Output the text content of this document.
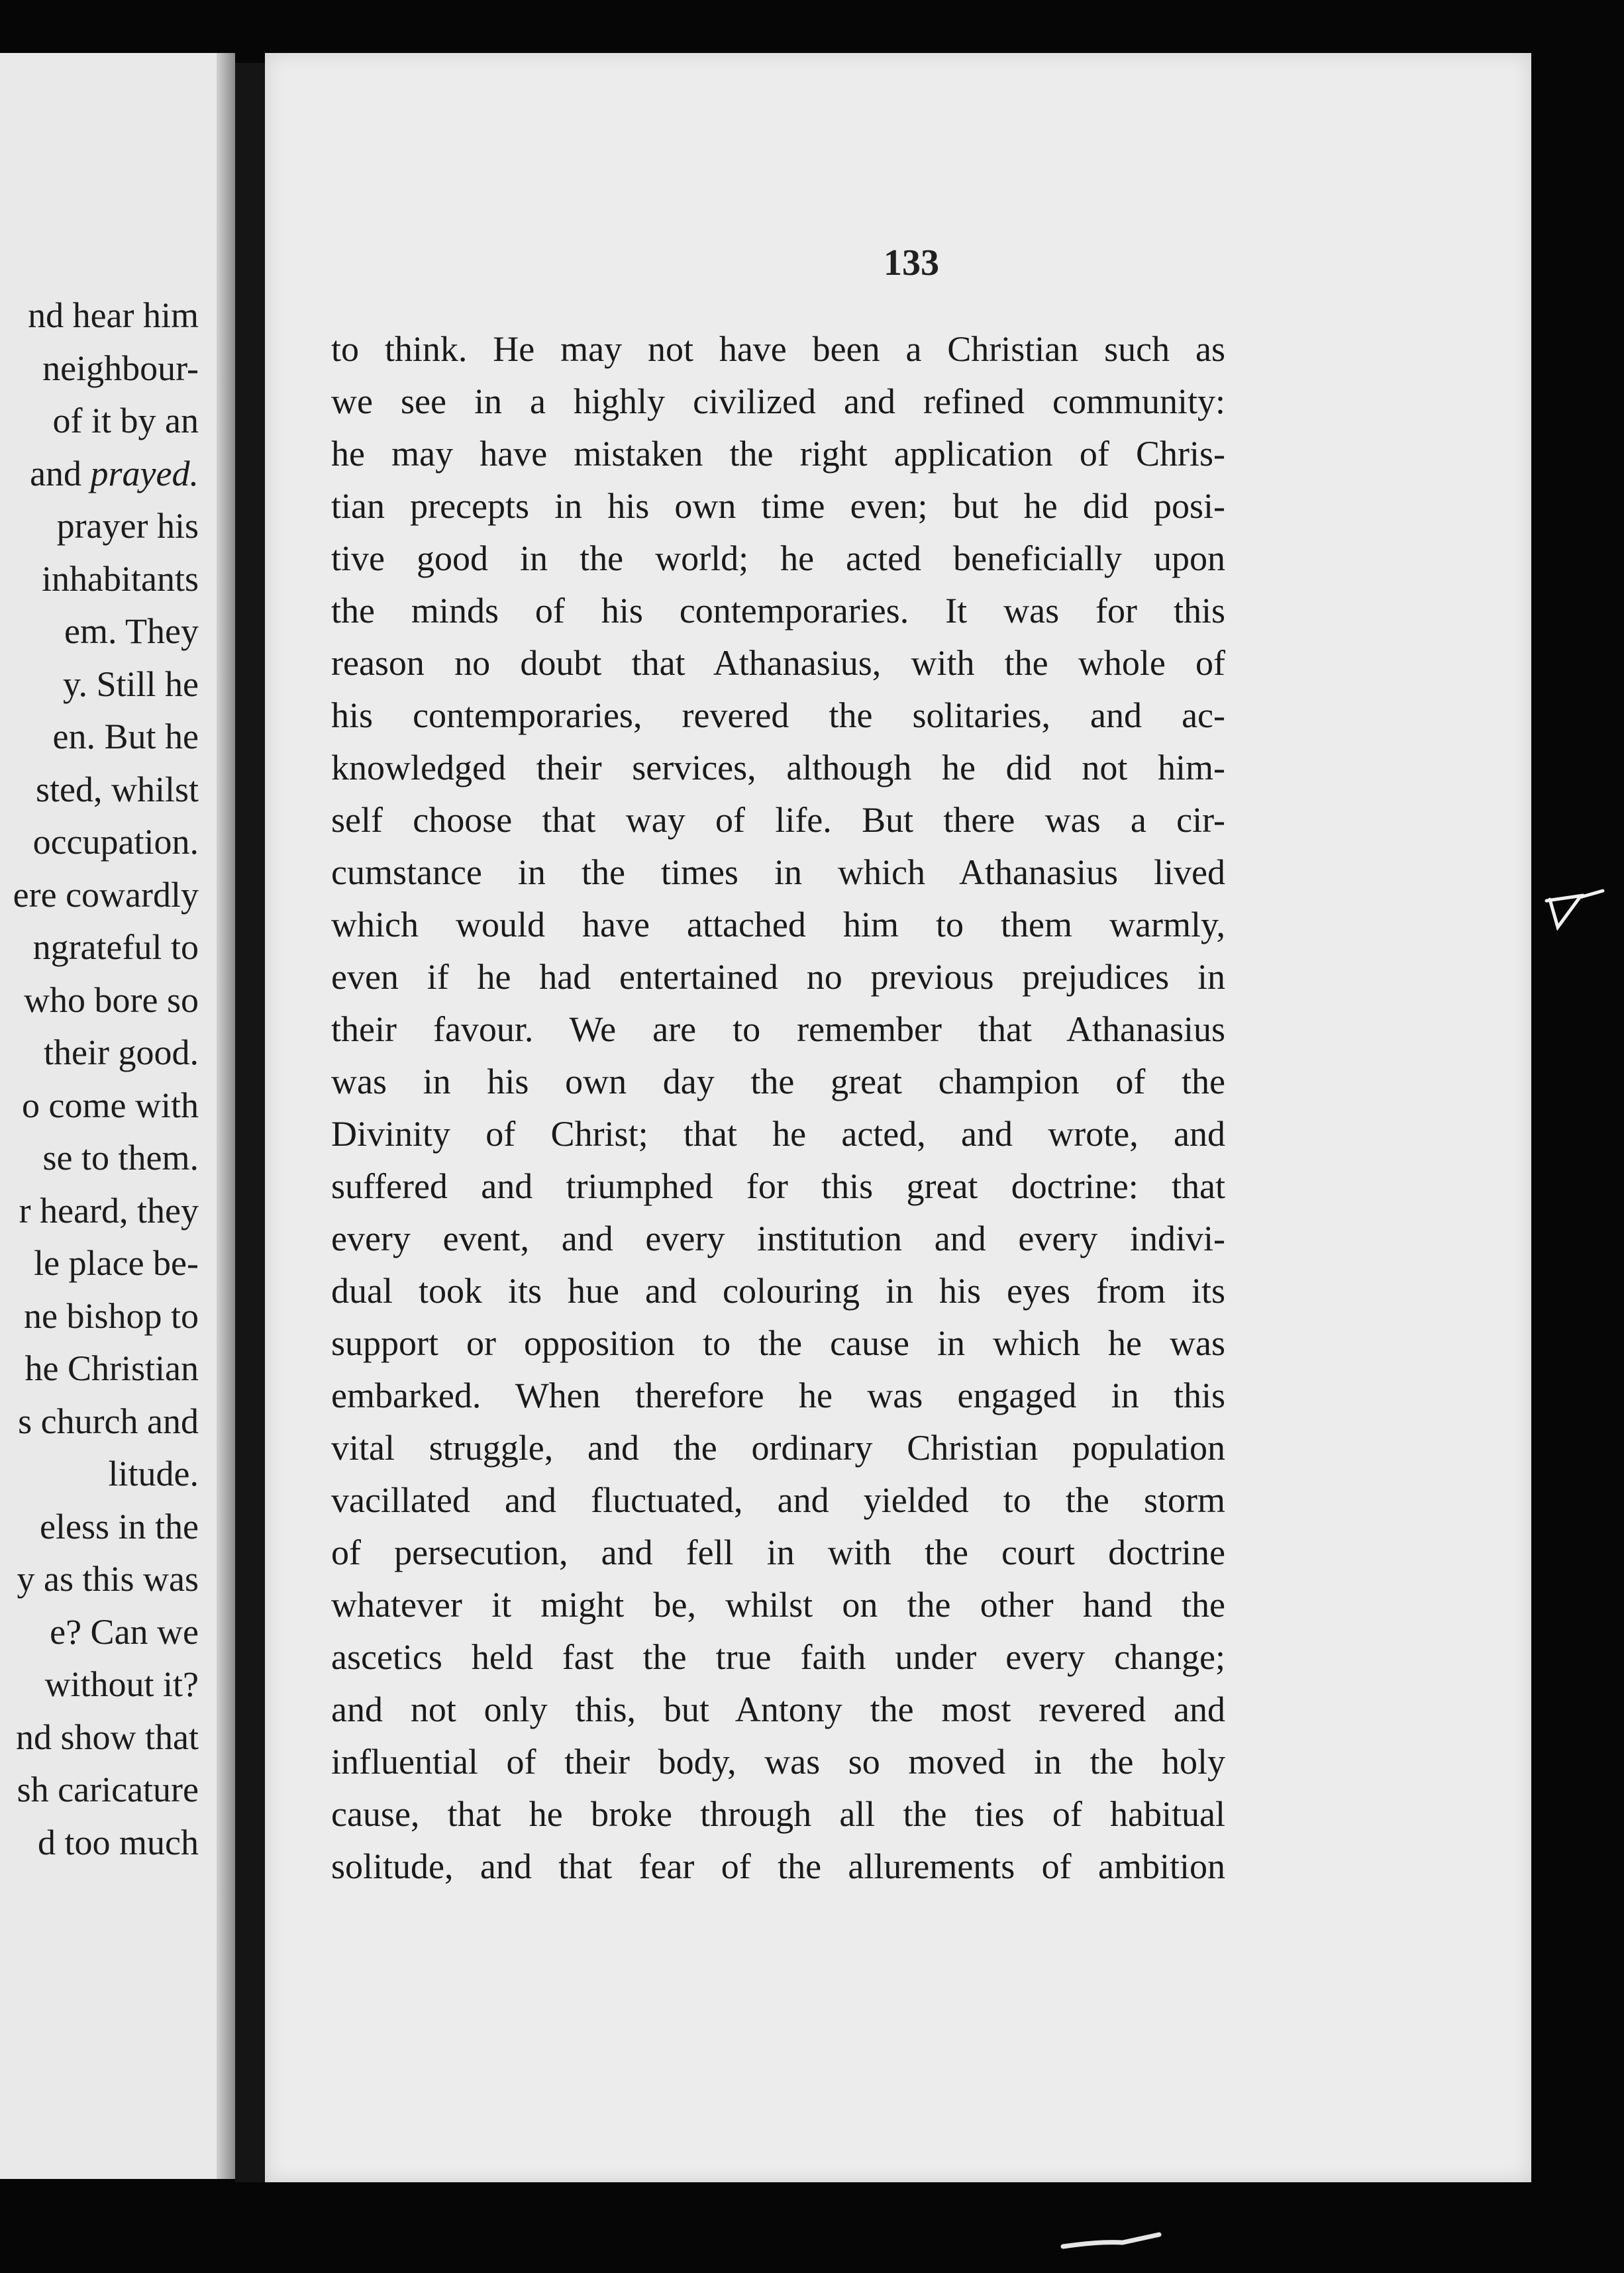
nd hear him
neighbour-
of it by an
and prayed.
prayer his
inhabitants
em. They
y. Still he
en. But he
sted, whilst
occupation.
ere cowardly
ngrateful to
who bore so
their good.
o come with
se to them.
r heard, they
le place be-
ne bishop to
he Christian
s church and
litude.
eless in the
y as this was
e? Can we
without it?
nd show that
sh caricature
d too much
133
to think. He may not have been a Christian such as
we see in a highly civilized and refined community:
he may have mistaken the right application of Chris-
tian precepts in his own time even; but he did posi-
tive good in the world; he acted beneficially upon
the minds of his contemporaries. It was for this
reason no doubt that Athanasius, with the whole of
his contemporaries, revered the solitaries, and ac-
knowledged their services, although he did not him-
self choose that way of life. But there was a cir-
cumstance in the times in which Athanasius lived
which would have attached him to them warmly,
even if he had entertained no previous prejudices in
their favour. We are to remember that Athanasius
was in his own day the great champion of the
Divinity of Christ; that he acted, and wrote, and
suffered and triumphed for this great doctrine: that
every event, and every institution and every indivi-
dual took its hue and colouring in his eyes from its
support or opposition to the cause in which he was
embarked. When therefore he was engaged in this
vital struggle, and the ordinary Christian population
vacillated and fluctuated, and yielded to the storm
of persecution, and fell in with the court doctrine
whatever it might be, whilst on the other hand the
ascetics held fast the true faith under every change;
and not only this, but Antony the most revered and
influential of their body, was so moved in the holy
cause, that he broke through all the ties of habitual
solitude, and that fear of the allurements of ambition
